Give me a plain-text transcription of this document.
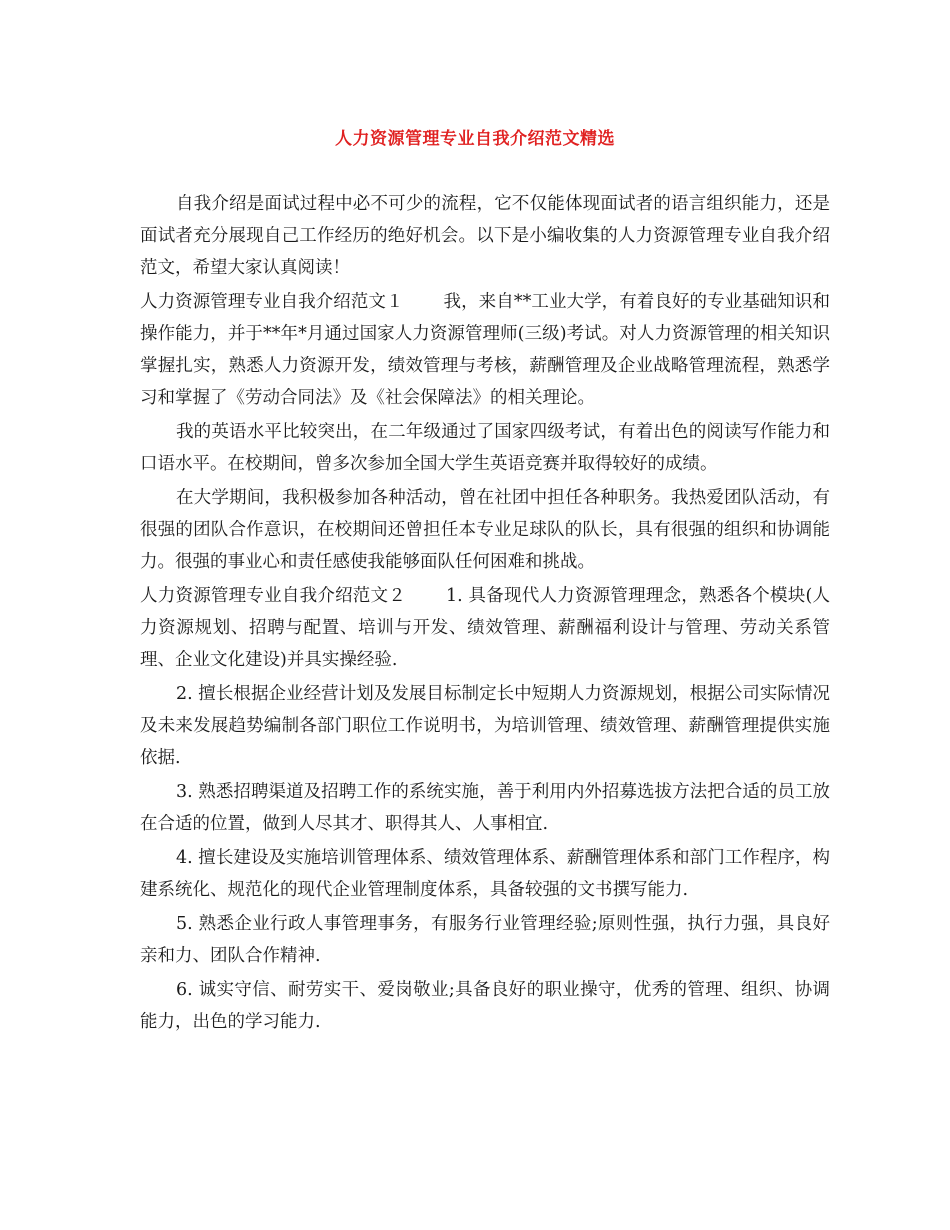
人力资源管理专业自我介绍范文精选

自我介绍是面试过程中必不可少的流程，它不仅能体现面试者的语言组织能力，还是面试者充分展现自己工作经历的绝好机会。以下是小编收集的人力资源管理专业自我介绍范文，希望大家认真阅读！

人力资源管理专业自我介绍范文１ 我，来自**工业大学，有着良好的专业基础知识和操作能力，并于**年*月通过国家人力资源管理师(三级)考试。对人力资源管理的相关知识掌握扎实，熟悉人力资源开发，绩效管理与考核，薪酬管理及企业战略管理流程，熟悉学习和掌握了《劳动合同法》及《社会保障法》的相关理论。

我的英语水平比较突出，在二年级通过了国家四级考试，有着出色的阅读写作能力和口语水平。在校期间，曾多次参加全国大学生英语竞赛并取得较好的成绩。

在大学期间，我积极参加各种活动，曾在社团中担任各种职务。我热爱团队活动，有很强的团队合作意识，在校期间还曾担任本专业足球队的队长，具有很强的组织和协调能力。很强的事业心和责任感使我能够面队任何困难和挑战。

人力资源管理专业自我介绍范文２ 1. 具备现代人力资源管理理念，熟悉各个模块(人力资源规划、招聘与配置、培训与开发、绩效管理、薪酬福利设计与管理、劳动关系管理、企业文化建设)并具实操经验.

2. 擅长根据企业经营计划及发展目标制定长中短期人力资源规划，根据公司实际情况及未来发展趋势编制各部门职位工作说明书，为培训管理、绩效管理、薪酬管理提供实施依据.

3. 熟悉招聘渠道及招聘工作的系统实施，善于利用内外招募选拔方法把合适的员工放在合适的位置，做到人尽其才、职得其人、人事相宜.

4. 擅长建设及实施培训管理体系、绩效管理体系、薪酬管理体系和部门工作程序，构建系统化、规范化的现代企业管理制度体系，具备较强的文书撰写能力.

5. 熟悉企业行政人事管理事务，有服务行业管理经验;原则性强，执行力强，具良好亲和力、团队合作精神.

6. 诚实守信、耐劳实干、爱岗敬业;具备良好的职业操守，优秀的管理、组织、协调能力，出色的学习能力.
